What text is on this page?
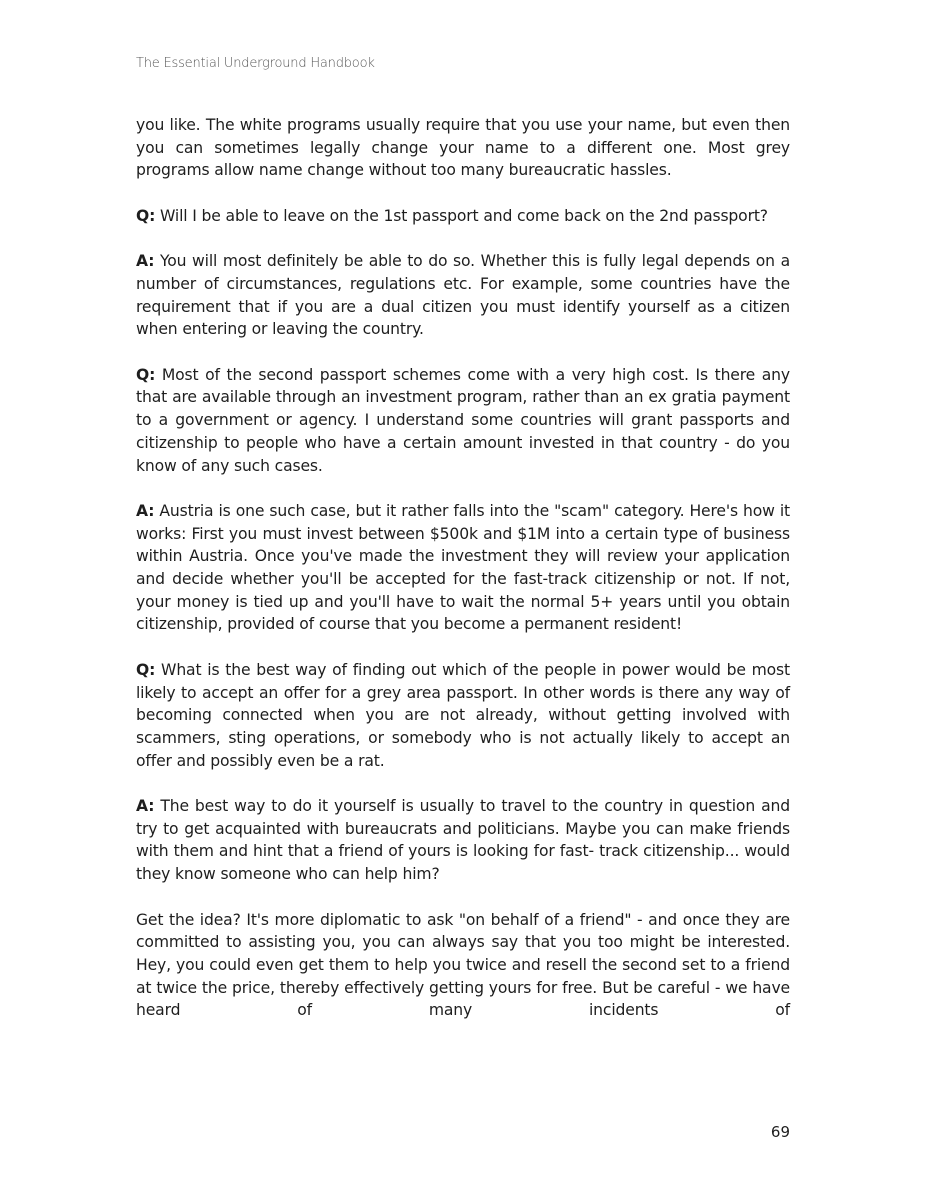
The Essential Underground Handbook

you like. The white programs usually require that you use your name, but even then you can sometimes legally change your name to a different one. Most grey programs allow name change without too many bureaucratic hassles.

Q: Will I be able to leave on the 1st passport and come back on the 2nd passport?

A: You will most definitely be able to do so. Whether this is fully legal depends on a number of circumstances, regulations etc. For example, some countries have the requirement that if you are a dual citizen you must identify yourself as a citizen when entering or leaving the country.

Q: Most of the second passport schemes come with a very high cost. Is there any that are available through an investment program, rather than an ex gratia payment to a government or agency. I understand some countries will grant passports and citizenship to people who have a certain amount invested in that country - do you know of any such cases.

A: Austria is one such case, but it rather falls into the "scam" category. Here's how it works: First you must invest between $500k and $1M into a certain type of business within Austria. Once you've made the investment they will review your application and decide whether you'll be accepted for the fast-track citizenship or not. If not, your money is tied up and you'll have to wait the normal 5+ years until you obtain citizenship, provided of course that you become a permanent resident!

Q: What is the best way of finding out which of the people in power would be most likely to accept an offer for a grey area passport. In other words is there any way of becoming connected when you are not already, without getting involved with scammers, sting operations, or somebody who is not actually likely to accept an offer and possibly even be a rat.

A: The best way to do it yourself is usually to travel to the country in question and try to get acquainted with bureaucrats and politicians. Maybe you can make friends with them and hint that a friend of yours is looking for fast- track citizenship... would they know someone who can help him?

Get the idea? It's more diplomatic to ask "on behalf of a friend" - and once they are committed to assisting you, you can always say that you too might be interested. Hey, you could even get them to help you twice and resell the second set to a friend at twice the price, thereby effectively getting yours for free. But be careful - we have heard of many incidents of

69
